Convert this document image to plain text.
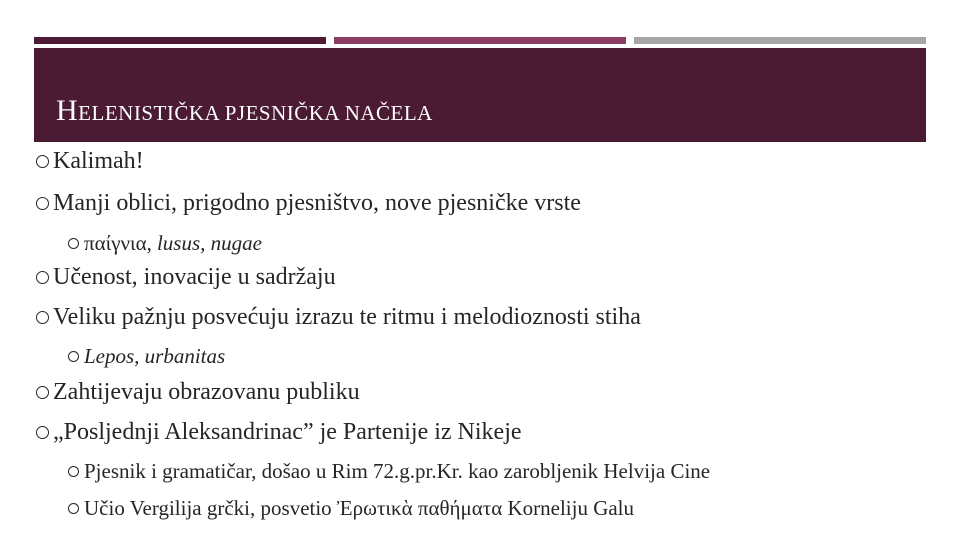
HELENISTIČKA PJESNIČKA NAČELA
Kalimah!
Manji oblici, prigodno pjesništvo, nove pjesničke vrste
παίγνια, lusus, nugae
Učenost, inovacije u sadržaju
Veliku pažnju posvećuju izrazu te ritmu i melodioznosti stiha
Lepos, urbanitas
Zahtijevaju obrazovanu publiku
„Posljednji Aleksandrinac” je Partenije iz Nikeje
Pjesnik i gramatičar, došao u Rim 72.g.pr.Kr. kao zarobljenik Helvija Cine
Učio Vergilija grčki, posvetio Ἐρωτικὰ παθήματα Korneliju Galu
